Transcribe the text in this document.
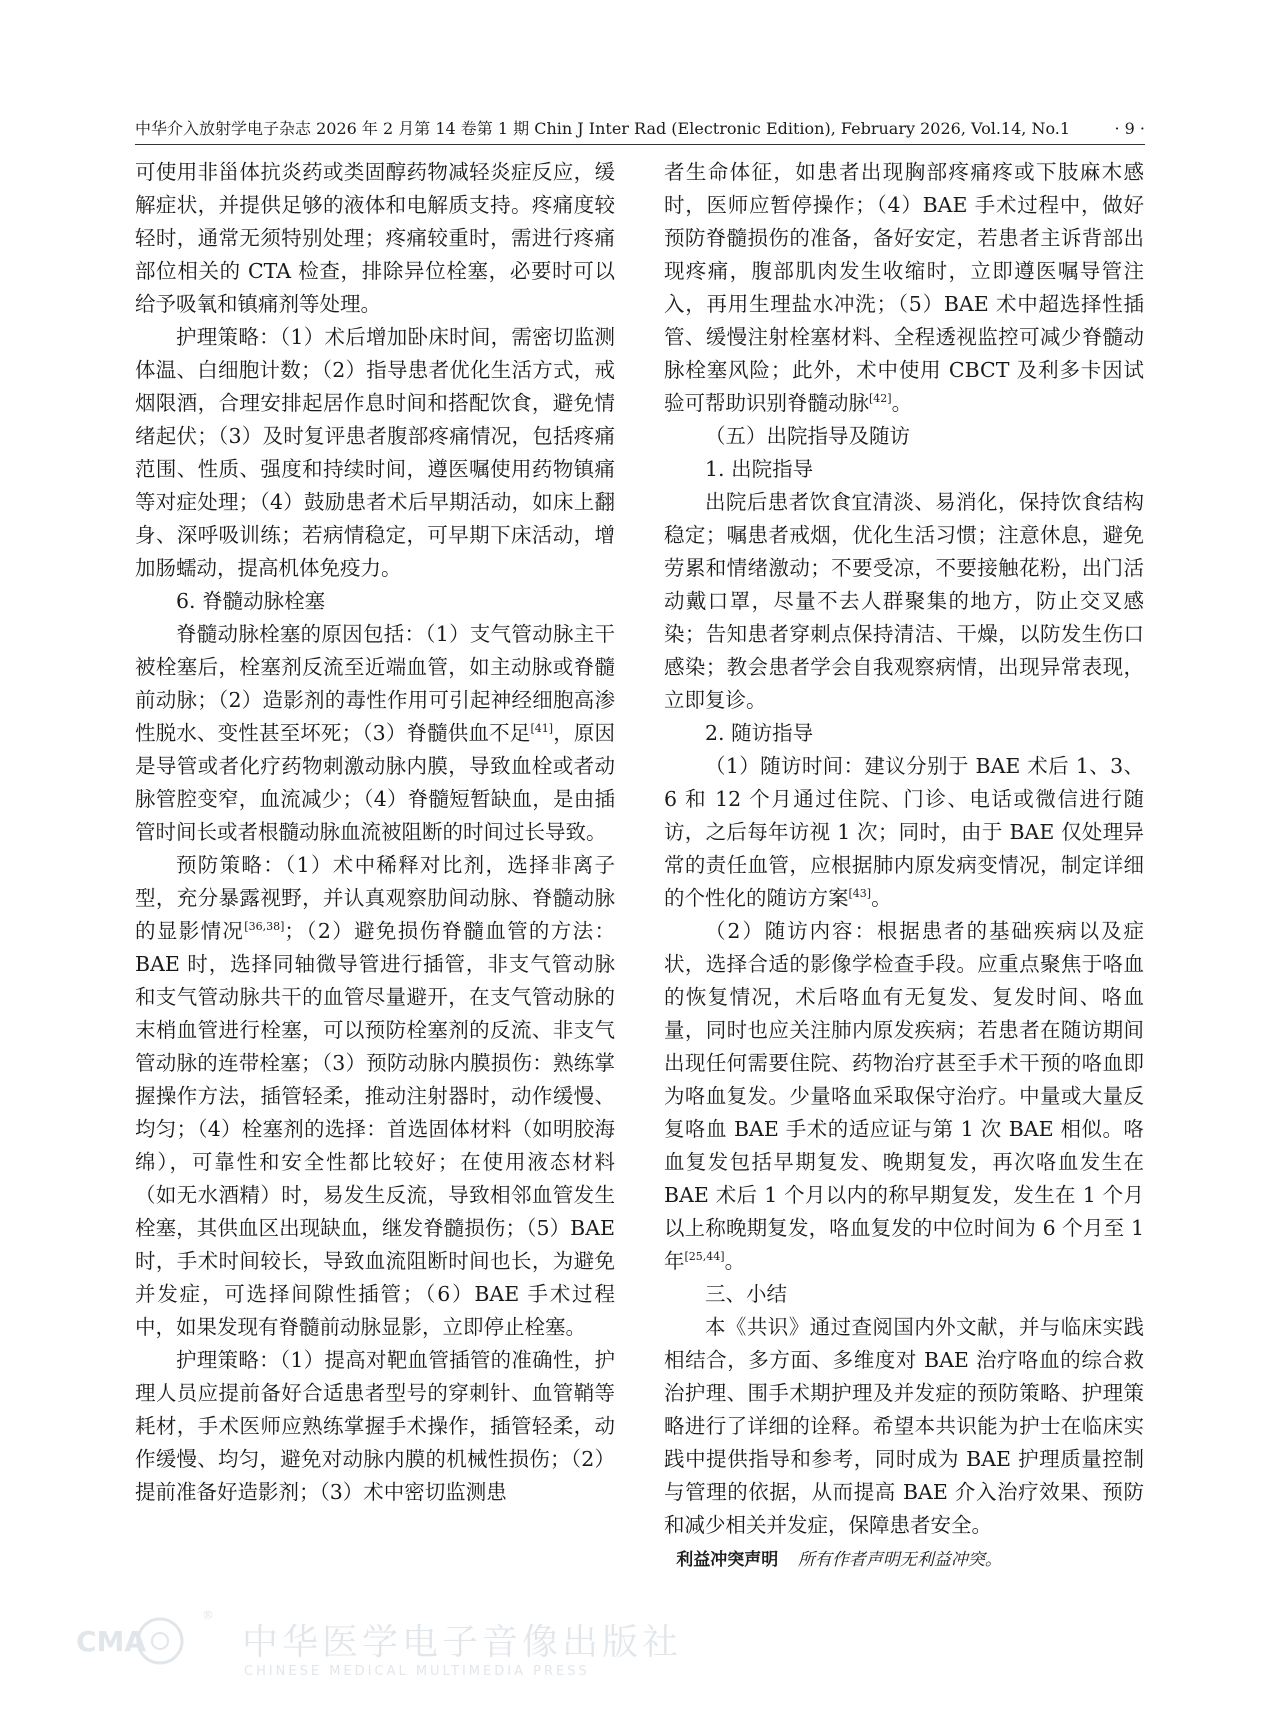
中华介入放射学电子杂志 2026 年 2 月第 14 卷第 1 期 Chin J Inter Rad (Electronic Edition), February 2026, Vol.14, No.1	· 9 ·

可使用非甾体抗炎药或类固醇药物减轻炎症反应，缓解症状，并提供足够的液体和电解质支持。疼痛度较轻时，通常无须特别处理；疼痛较重时，需进行疼痛部位相关的 CTA 检查，排除异位栓塞，必要时可以给予吸氧和镇痛剂等处理。

护理策略：（1）术后增加卧床时间，需密切监测体温、白细胞计数；（2）指导患者优化生活方式，戒烟限酒，合理安排起居作息时间和搭配饮食，避免情绪起伏；（3）及时复评患者腹部疼痛情况，包括疼痛范围、性质、强度和持续时间，遵医嘱使用药物镇痛等对症处理；（4）鼓励患者术后早期活动，如床上翻身、深呼吸训练；若病情稳定，可早期下床活动，增加肠蠕动，提高机体免疫力。

6. 脊髓动脉栓塞

脊髓动脉栓塞的原因包括：（1）支气管动脉主干被栓塞后，栓塞剂反流至近端血管，如主动脉或脊髓前动脉；（2）造影剂的毒性作用可引起神经细胞高渗性脱水、变性甚至坏死；（3）脊髓供血不足[41]，原因是导管或者化疗药物刺激动脉内膜，导致血栓或者动脉管腔变窄，血流减少；（4）脊髓短暂缺血，是由插管时间长或者根髓动脉血流被阻断的时间过长导致。

预防策略：（1）术中稀释对比剂，选择非离子型，充分暴露视野，并认真观察肋间动脉、脊髓动脉的显影情况[36,38]；（2）避免损伤脊髓血管的方法：BAE 时，选择同轴微导管进行插管，非支气管动脉和支气管动脉共干的血管尽量避开，在支气管动脉的末梢血管进行栓塞，可以预防栓塞剂的反流、非支气管动脉的连带栓塞；（3）预防动脉内膜损伤：熟练掌握操作方法，插管轻柔，推动注射器时，动作缓慢、均匀；（4）栓塞剂的选择：首选固体材料（如明胶海绵），可靠性和安全性都比较好；在使用液态材料（如无水酒精）时，易发生反流，导致相邻血管发生栓塞，其供血区出现缺血，继发脊髓损伤；（5）BAE 时，手术时间较长，导致血流阻断时间也长，为避免并发症，可选择间隙性插管；（6）BAE 手术过程中，如果发现有脊髓前动脉显影，立即停止栓塞。

护理策略：（1）提高对靶血管插管的准确性，护理人员应提前备好合适患者型号的穿刺针、血管鞘等耗材，手术医师应熟练掌握手术操作，插管轻柔，动作缓慢、均匀，避免对动脉内膜的机械性损伤；（2）提前准备好造影剂；（3）术中密切监测患

者生命体征，如患者出现胸部疼痛疼或下肢麻木感时，医师应暂停操作；（4）BAE 手术过程中，做好预防脊髓损伤的准备，备好安定，若患者主诉背部出现疼痛，腹部肌肉发生收缩时，立即遵医嘱导管注入，再用生理盐水冲洗；（5）BAE 术中超选择性插管、缓慢注射栓塞材料、全程透视监控可减少脊髓动脉栓塞风险；此外，术中使用 CBCT 及利多卡因试验可帮助识别脊髓动脉[42]。

（五）出院指导及随访

1. 出院指导

出院后患者饮食宜清淡、易消化，保持饮食结构稳定；嘱患者戒烟，优化生活习惯；注意休息，避免劳累和情绪激动；不要受凉，不要接触花粉，出门活动戴口罩，尽量不去人群聚集的地方，防止交叉感染；告知患者穿刺点保持清洁、干燥，以防发生伤口感染；教会患者学会自我观察病情，出现异常表现，立即复诊。

2. 随访指导

（1）随访时间：建议分别于 BAE 术后 1、3、6 和 12 个月通过住院、门诊、电话或微信进行随访，之后每年访视 1 次；同时，由于 BAE 仅处理异常的责任血管，应根据肺内原发病变情况，制定详细的个性化的随访方案[43]。

（2）随访内容：根据患者的基础疾病以及症状，选择合适的影像学检查手段。应重点聚焦于咯血的恢复情况，术后咯血有无复发、复发时间、咯血量，同时也应关注肺内原发疾病；若患者在随访期间出现任何需要住院、药物治疗甚至手术干预的咯血即为咯血复发。少量咯血采取保守治疗。中量或大量反复咯血 BAE 手术的适应证与第 1 次 BAE 相似。咯血复发包括早期复发、晚期复发，再次咯血发生在 BAE 术后 1 个月以内的称早期复发，发生在 1 个月以上称晚期复发，咯血复发的中位时间为 6 个月至 1 年[25,44]。

三、小结

本《共识》通过查阅国内外文献，并与临床实践相结合，多方面、多维度对 BAE 治疗咯血的综合救治护理、围手术期护理及并发症的预防策略、护理策略进行了详细的诠释。希望本共识能为护士在临床实践中提供指导和参考，同时成为 BAE 护理质量控制与管理的依据，从而提高 BAE 介入治疗效果、预防和减少相关并发症，保障患者安全。

利益冲突声明 所有作者声明无利益冲突。

CMA
®
中华医学电子音像出版社
CHINESE MEDICAL MULTIMEDIA PRESS
